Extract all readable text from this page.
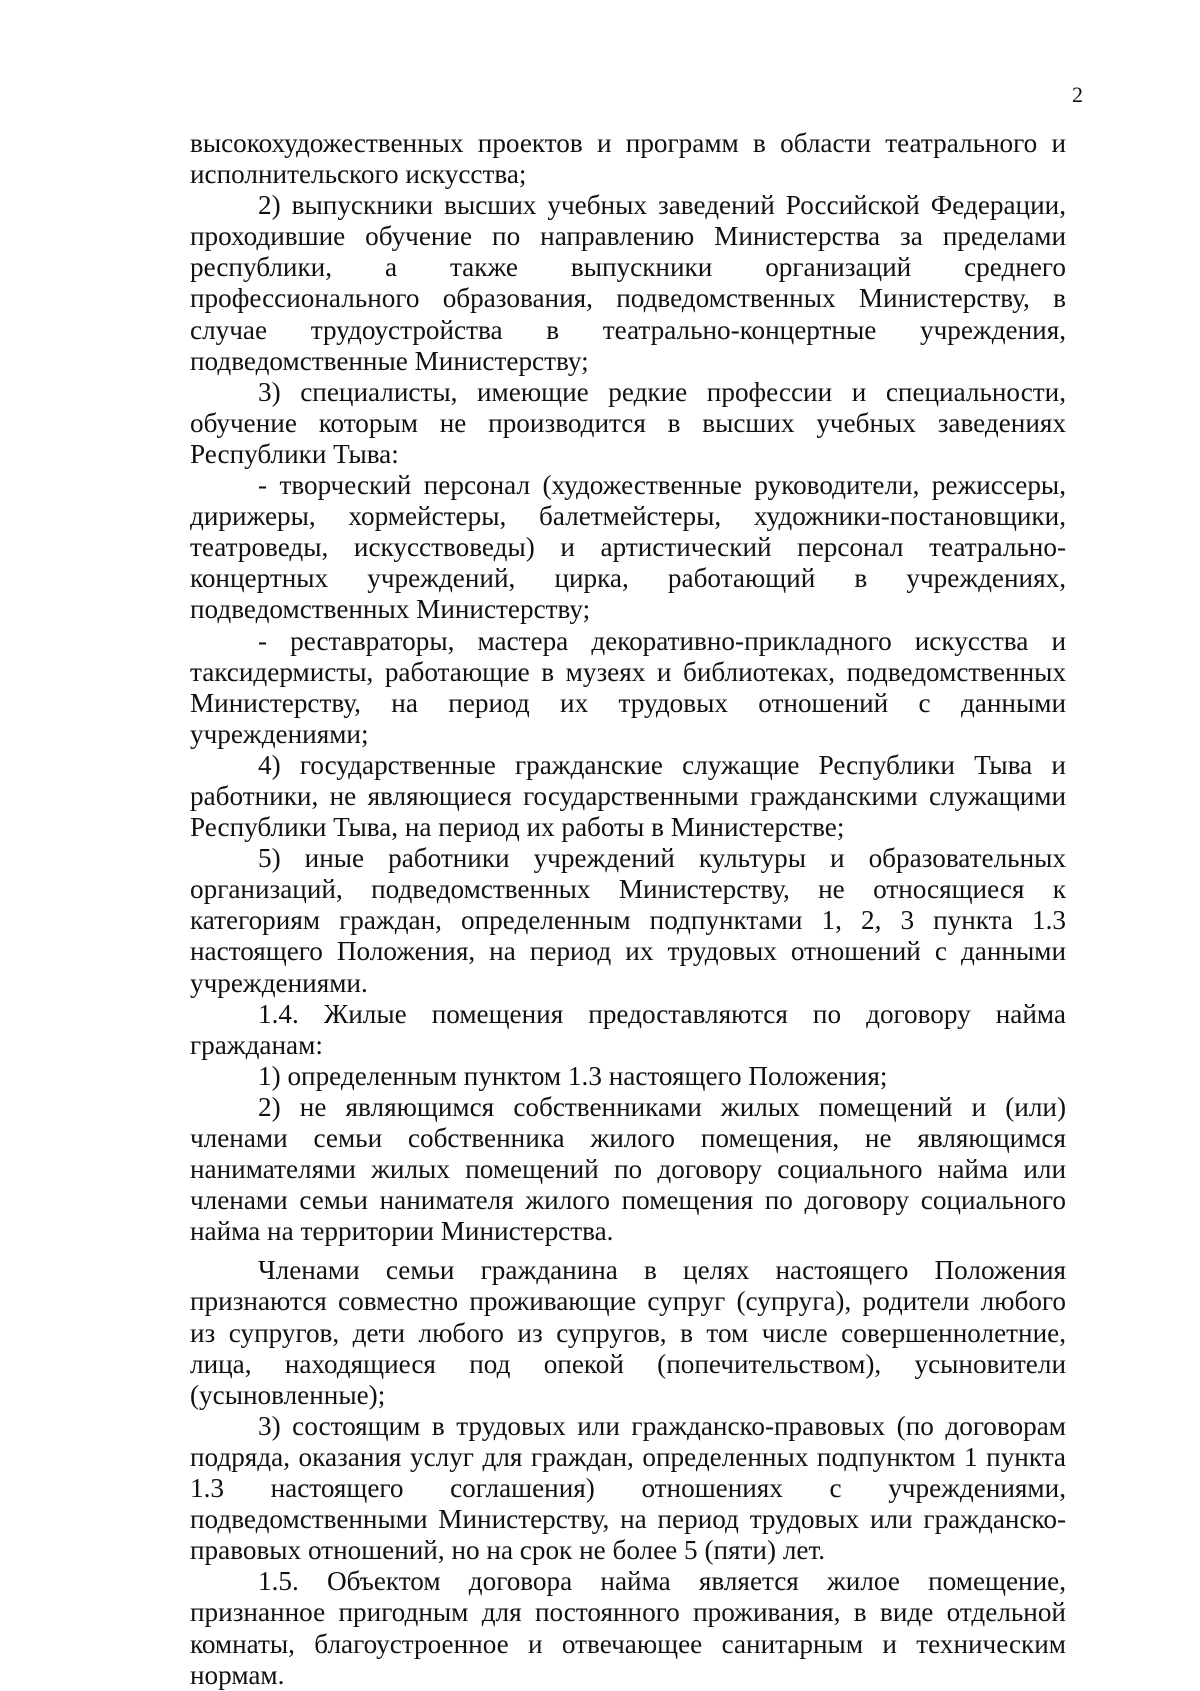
2

высокохудожественных проектов и программ в области театрального и исполнительского искусства;

2) выпускники высших учебных заведений Российской Федерации, проходившие обучение по направлению Министерства за пределами республики, а также выпускники организаций среднего профессионального образования, подведомственных Министерству, в случае трудоустройства в театрально-концертные учреждения, подведомственные Министерству;

3) специалисты, имеющие редкие профессии и специальности, обучение которым не производится в высших учебных заведениях Республики Тыва:

- творческий персонал (художественные руководители, режиссеры, дирижеры, хормейстеры, балетмейстеры, художники-постановщики, театроведы, искусствоведы) и артистический персонал театрально-концертных учреждений, цирка, работающий в учреждениях, подведомственных Министерству;

- реставраторы, мастера декоративно-прикладного искусства и таксидермисты, работающие в музеях и библиотеках, подведомственных Министерству, на период их трудовых отношений с данными учреждениями;

4) государственные гражданские служащие Республики Тыва и работники, не являющиеся государственными гражданскими служащими Республики Тыва, на период их работы в Министерстве;

5) иные работники учреждений культуры и образовательных организаций, подведомственных Министерству, не относящиеся к категориям граждан, определенным подпунктами 1, 2, 3 пункта 1.3 настоящего Положения, на период их трудовых отношений с данными учреждениями.

1.4. Жилые помещения предоставляются по договору найма гражданам:

1) определенным пунктом 1.3 настоящего Положения;

2) не являющимся собственниками жилых помещений и (или) членами семьи собственника жилого помещения, не являющимся нанимателями жилых помещений по договору социального найма или членами семьи нанимателя жилого помещения по договору социального найма на территории Министерства.

Членами семьи гражданина в целях настоящего Положения признаются совместно проживающие супруг (супруга), родители любого из супругов, дети любого из супругов, в том числе совершеннолетние, лица, находящиеся под опекой (попечительством), усыновители (усыновленные);

3) состоящим в трудовых или гражданско-правовых (по договорам подряда, оказания услуг для граждан, определенных подпунктом 1 пункта 1.3 настоящего соглашения) отношениях с учреждениями, подведомственными Министерству, на период трудовых или гражданско-правовых отношений, но на срок не более 5 (пяти) лет.

1.5. Объектом договора найма является жилое помещение, признанное пригодным для постоянного проживания, в виде отдельной комнаты, благоустроенное и отвечающее санитарным и техническим нормам.
